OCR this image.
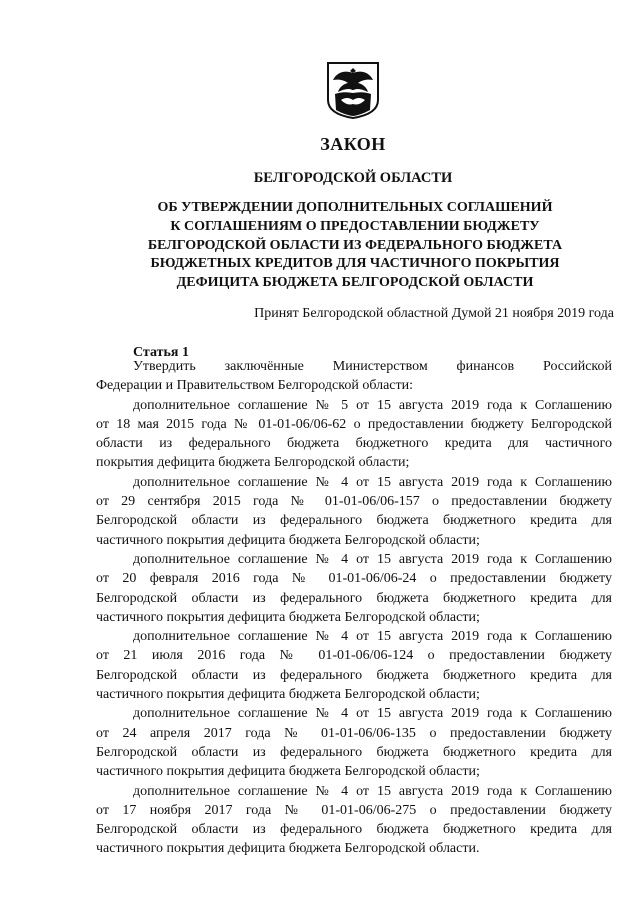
ЗАКОН
БЕЛГОРОДСКОЙ ОБЛАСТИ
ОБ УТВЕРЖДЕНИИ ДОПОЛНИТЕЛЬНЫХ СОГЛАШЕНИЙ
К СОГЛАШЕНИЯМ О ПРЕДОСТАВЛЕНИИ БЮДЖЕТУ
БЕЛГОРОДСКОЙ ОБЛАСТИ ИЗ ФЕДЕРАЛЬНОГО БЮДЖЕТА
БЮДЖЕТНЫХ КРЕДИТОВ ДЛЯ ЧАСТИЧНОГО ПОКРЫТИЯ
ДЕФИЦИТА БЮДЖЕТА БЕЛГОРОДСКОЙ ОБЛАСТИ
Принят Белгородской областной Думой 21 ноября 2019 года
Статья 1
Утвердить заключённые Министерством финансов Российской
Федерации и Правительством Белгородской области:
дополнительное соглашение № 5 от 15 августа 2019 года к Соглашению
от 18 мая 2015 года № 01-01-06/06-62 о предоставлении бюджету Белгородской
области из федерального бюджета бюджетного кредита для частичного
покрытия дефицита бюджета Белгородской области;
дополнительное соглашение № 4 от 15 августа 2019 года к Соглашению
от 29 сентября 2015 года № 01-01-06/06-157 о предоставлении бюджету
Белгородской области из федерального бюджета бюджетного кредита для
частичного покрытия дефицита бюджета Белгородской области;
дополнительное соглашение № 4 от 15 августа 2019 года к Соглашению
от 20 февраля 2016 года № 01-01-06/06-24 о предоставлении бюджету
Белгородской области из федерального бюджета бюджетного кредита для
частичного покрытия дефицита бюджета Белгородской области;
дополнительное соглашение № 4 от 15 августа 2019 года к Соглашению
от 21 июля 2016 года № 01-01-06/06-124 о предоставлении бюджету
Белгородской области из федерального бюджета бюджетного кредита для
частичного покрытия дефицита бюджета Белгородской области;
дополнительное соглашение № 4 от 15 августа 2019 года к Соглашению
от 24 апреля 2017 года № 01-01-06/06-135 о предоставлении бюджету
Белгородской области из федерального бюджета бюджетного кредита для
частичного покрытия дефицита бюджета Белгородской области;
дополнительное соглашение № 4 от 15 августа 2019 года к Соглашению
от 17 ноября 2017 года № 01-01-06/06-275 о предоставлении бюджету
Белгородской области из федерального бюджета бюджетного кредита для
частичного покрытия дефицита бюджета Белгородской области.
